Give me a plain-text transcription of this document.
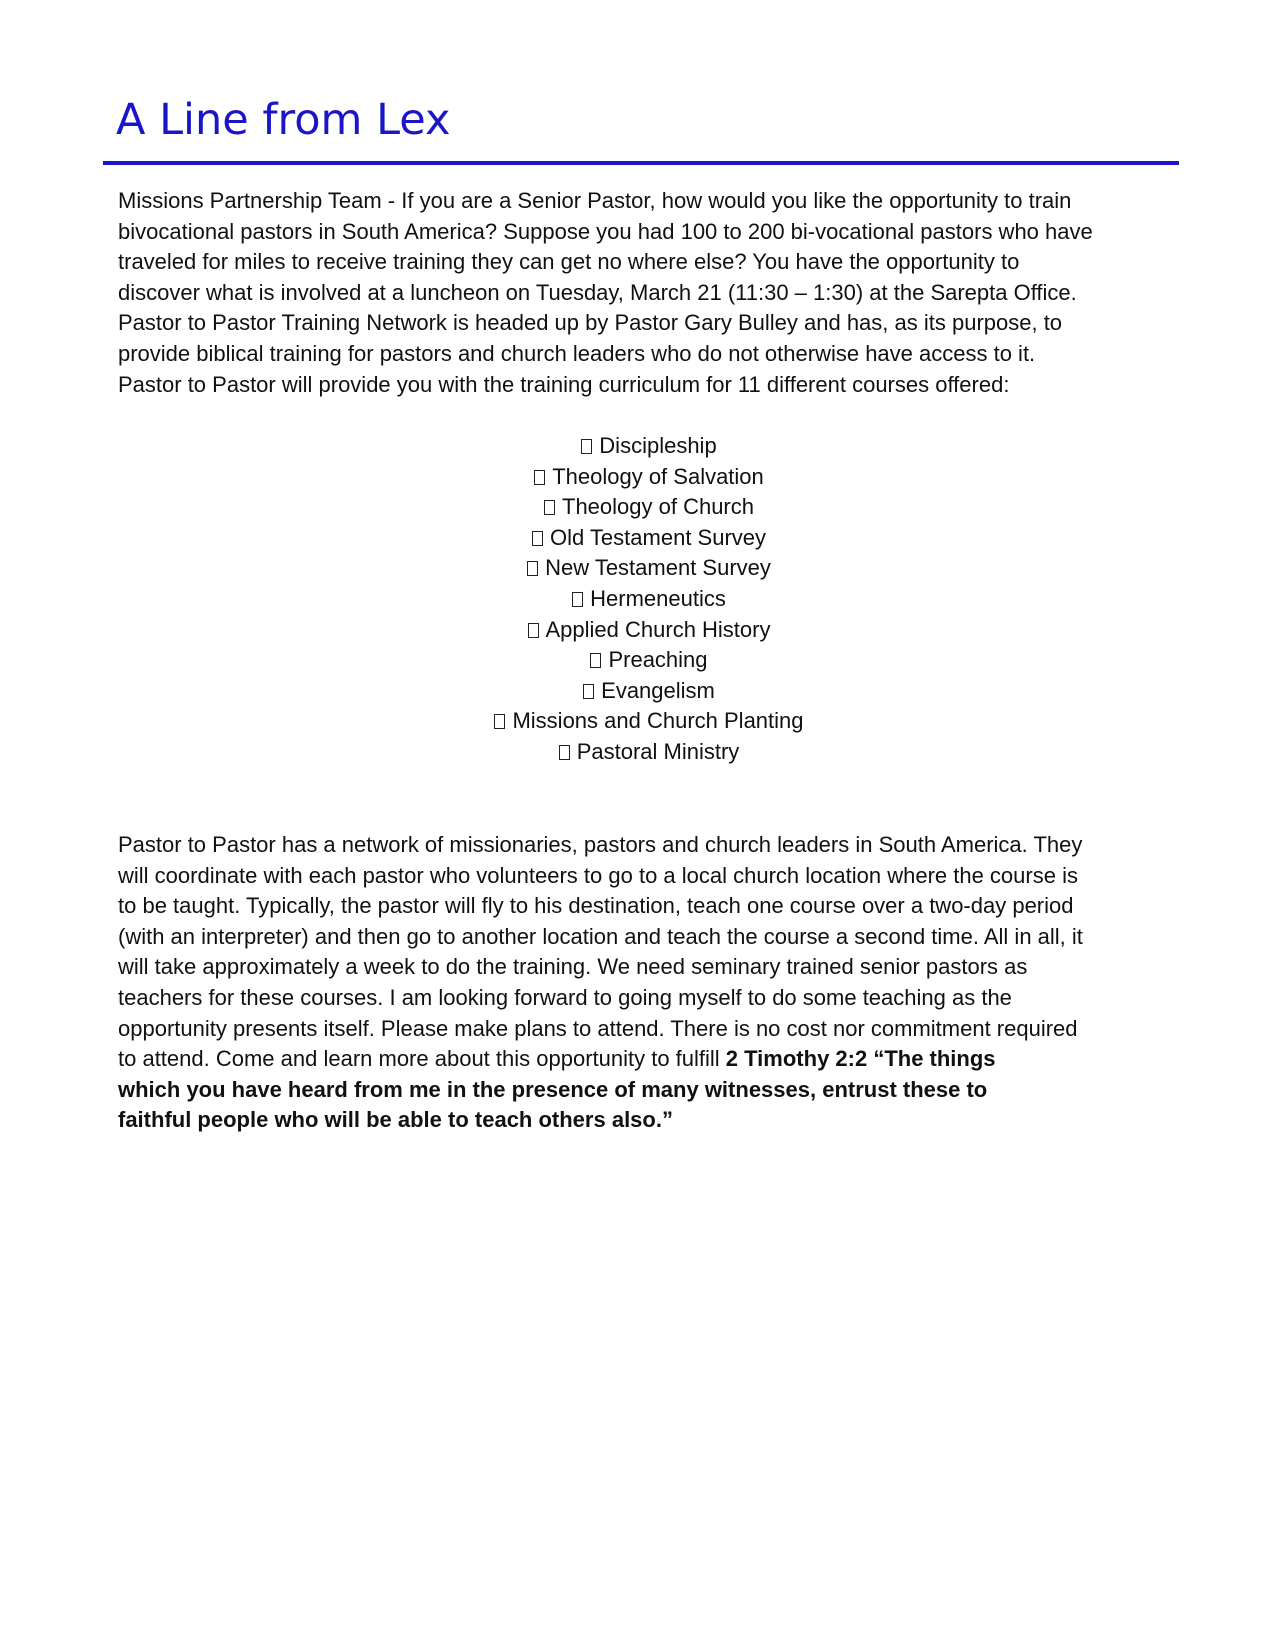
A Line from Lex

Missions Partnership Team - If you are a Senior Pastor, how would you like the opportunity to train
bivocational pastors in South America? Suppose you had 100 to 200 bi-vocational pastors who have
traveled for miles to receive training they can get no where else? You have the opportunity to
discover what is involved at a luncheon on Tuesday, March 21 (11:30 – 1:30) at the Sarepta Office.
Pastor to Pastor Training Network is headed up by Pastor Gary Bulley and has, as its purpose, to
provide biblical training for pastors and church leaders who do not otherwise have access to it.
Pastor to Pastor will provide you with the training curriculum for 11 different courses offered:

Discipleship
Theology of Salvation
Theology of Church
Old Testament Survey
New Testament Survey
Hermeneutics
Applied Church History
Preaching
Evangelism
Missions and Church Planting
Pastoral Ministry

Pastor to Pastor has a network of missionaries, pastors and church leaders in South America. They
will coordinate with each pastor who volunteers to go to a local church location where the course is
to be taught. Typically, the pastor will fly to his destination, teach one course over a two-day period
(with an interpreter) and then go to another location and teach the course a second time. All in all, it
will take approximately a week to do the training. We need seminary trained senior pastors as
teachers for these courses. I am looking forward to going myself to do some teaching as the
opportunity presents itself. Please make plans to attend. There is no cost nor commitment required
to attend. Come and learn more about this opportunity to fulfill 2 Timothy 2:2 “The things
which you have heard from me in the presence of many witnesses, entrust these to
faithful people who will be able to teach others also.”
